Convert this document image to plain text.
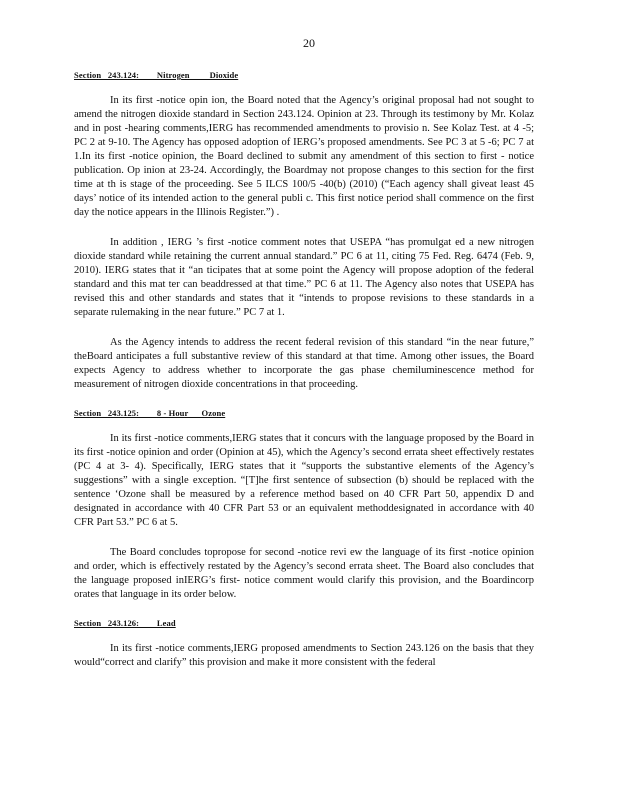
20
Section   243.124:        Nitrogen         Dioxide

In its first -notice opin ion, the Board noted that the Agency’s original proposal had not sought to amend the nitrogen dioxide standard in Section 243.124. Opinion at 23. Through its testimony by Mr. Kolaz and in post -hearing comments,IERG has recommended amendments to provisio n. See Kolaz Test. at 4 -5; PC 2 at 9-10. The Agency has opposed adoption of IERG’s proposed amendments. See PC 3 at 5 -6; PC 7 at 1.In its first -notice opinion, the Board declined to submit any amendment of this section to first - notice publication. Op inion at 23-24. Accordingly, the Boardmay not propose changes to this section for the first time at th is stage of the proceeding. See 5 ILCS 100/5 -40(b) (2010) (“Each agency shall giveat least 45 days’ notice of its intended action to the general publi c. This first notice period shall commence on the first day the notice appears in the Illinois Register.”) .

In addition , IERG ’s first -notice comment notes that USEPA “has promulgat ed a new nitrogen dioxide standard while retaining the current annual standard.” PC 6 at 11, citing 75 Fed. Reg. 6474 (Feb. 9, 2010). IERG states that it “an ticipates that at some point the Agency will propose adoption of the federal standard and this mat ter can beaddressed at that time.” PC 6 at 11. The Agency also notes that USEPA has revised this and other standards and states that it “intends to propose revisions to these standards in a separate rulemaking in the near future.” PC 7 at 1.

As the Agency intends to address the recent federal revision of this standard “in the near future,” theBoard anticipates a full substantive review of this standard at that time. Among other issues, the Board expects Agency to address whether to incorporate the gas phase chemiluminescence method for measurement of nitrogen dioxide concentrations in that proceeding.

Section   243.125:        8 - Hour      Ozone

In its first -notice comments,IERG states that it concurs with the language proposed by the Board in its first -notice opinion and order (Opinion at 45), which the Agency’s second errata sheet effectively restates (PC 4 at 3- 4). Specifically, IERG states that it “supports the substantive elements of the Agency’s suggestions” with a single exception. “[T]he first sentence of subsection (b) should be replaced with the sentence ‘Ozone shall be measured by a reference method based on 40 CFR Part 50, appendix D and designated in accordance with 40 CFR Part 53 or an equivalent methoddesignated in accordance with 40 CFR Part 53.” PC 6 at 5.

The Board concludes topropose for second -notice revi ew the language of its first -notice opinion and order, which is effectively restated by the Agency’s second errata sheet. The Board also concludes that the language proposed inIERG’s first- notice comment would clarify this provision, and the Boardincorp orates that language in its order below.

Section   243.126:        Lead

In its first -notice comments,IERG proposed amendments to Section 243.126 on the basis that they would“correct and clarify” this provision and make it more consistent with the federal
